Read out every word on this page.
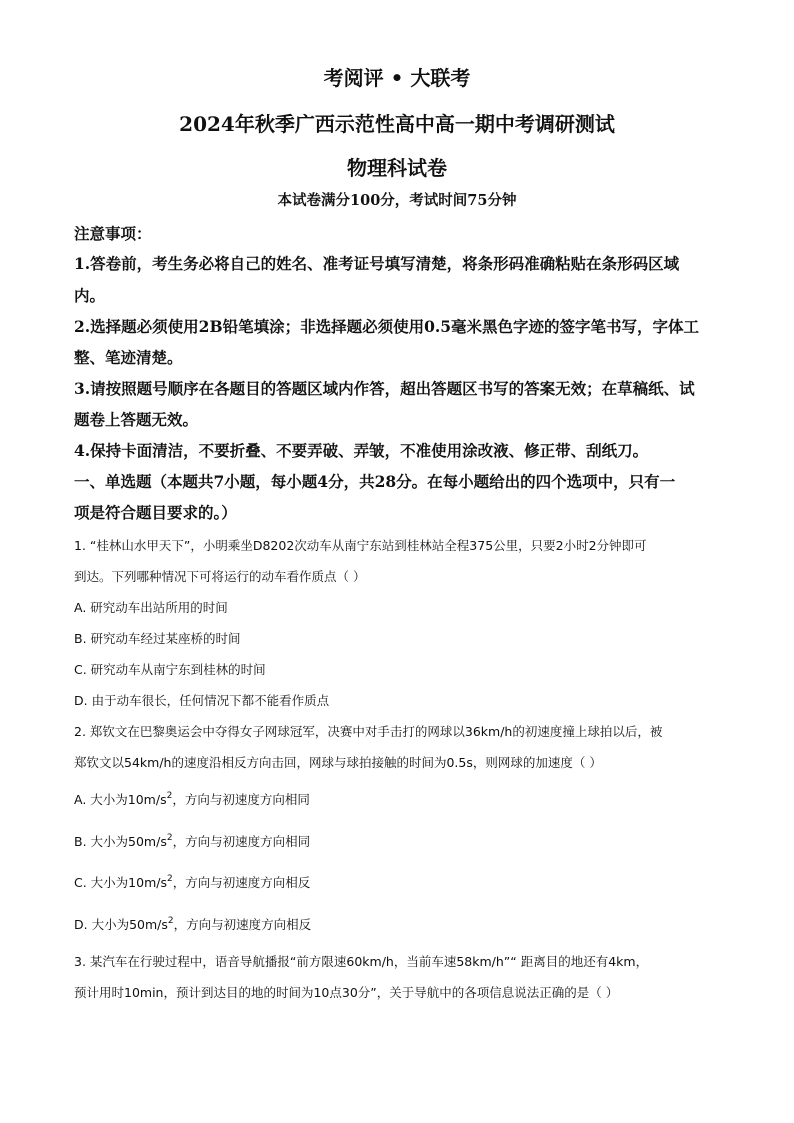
考阅评 • 大联考
2024年秋季广西示范性高中高一期中考调研测试
物理科试卷
本试卷满分100分，考试时间75分钟
注意事项：
1.答卷前，考生务必将自己的姓名、准考证号填写清楚，将条形码准确粘贴在条形码区域
内。
2.选择题必须使用2B铅笔填涂；非选择题必须使用0.5毫米黑色字迹的签字笔书写，字体工
整、笔迹清楚。
3.请按照题号顺序在各题目的答题区域内作答，超出答题区书写的答案无效；在草稿纸、试
题卷上答题无效。
4.保持卡面清洁，不要折叠、不要弄破、弄皱，不准使用涂改液、修正带、刮纸刀。
一、单选题（本题共7小题，每小题4分，共28分。在每小题给出的四个选项中，只有一
项是符合题目要求的。）
1. “桂林山水甲天下”，小明乘坐D8202次动车从南宁东站到桂林站全程375公里，只要2小时2分钟即可
到达。下列哪种情况下可将运行的动车看作质点（ ）
A. 研究动车出站所用的时间
B. 研究动车经过某座桥的时间
C. 研究动车从南宁东到桂林的时间
D. 由于动车很长，任何情况下都不能看作质点
2. 郑钦文在巴黎奥运会中夺得女子网球冠军，决赛中对手击打的网球以36km/h的初速度撞上球拍以后，被
郑钦文以54km/h的速度沿相反方向击回，网球与球拍接触的时间为0.5s，则网球的加速度（ ）
A. 大小为$10m/s^2$，方向与初速度方向相同
B. 大小为$50m/s^2$，方向与初速度方向相同
C. 大小为$10m/s^2$，方向与初速度方向相反
D. 大小为$50m/s^2$，方向与初速度方向相反
3. 某汽车在行驶过程中，语音导航播报“前方限速60km/h，当前车速58km/h”“ 距离目的地还有4km，
预计用时10min，预计到达目的地的时间为10点30分”，关于导航中的各项信息说法正确的是（ ）
